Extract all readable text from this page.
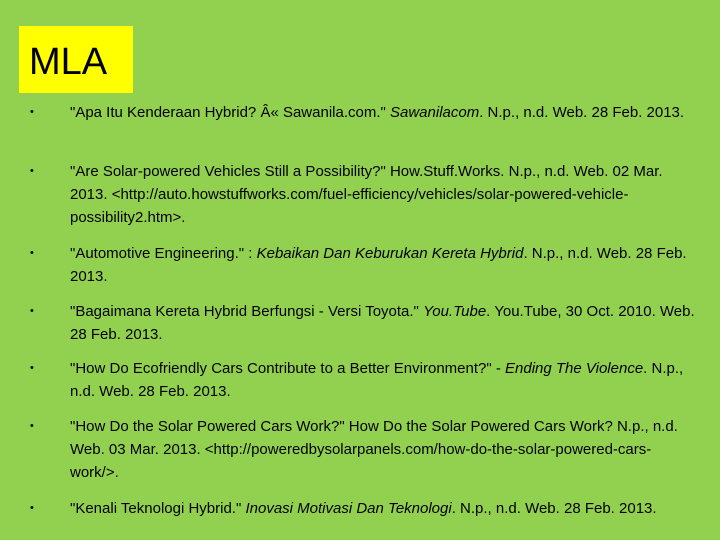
MLA
• "Apa Itu Kenderaan Hybrid? Â« Sawanila.com." Sawanilacom. N.p., n.d. Web. 28 Feb. 2013.
• "Are Solar-powered Vehicles Still a Possibility?" How.Stuff.Works. N.p., n.d. Web. 02 Mar. 2013. <http://auto.howstuffworks.com/fuel-efficiency/vehicles/solar-powered-vehicle-possibility2.htm>.
• "Automotive Engineering." : Kebaikan Dan Keburukan Kereta Hybrid. N.p., n.d. Web. 28 Feb. 2013.
• "Bagaimana Kereta Hybrid Berfungsi - Versi Toyota." You.Tube. You.Tube, 30 Oct. 2010. Web. 28 Feb. 2013.
• "How Do Ecofriendly Cars Contribute to a Better Environment?" - Ending The Violence. N.p., n.d. Web. 28 Feb. 2013.
• "How Do the Solar Powered Cars Work?" How Do the Solar Powered Cars Work? N.p., n.d. Web. 03 Mar. 2013. <http://poweredbysolarpanels.com/how-do-the-solar-powered-cars-work/>.
• "Kenali Teknologi Hybrid." Inovasi Motivasi Dan Teknologi. N.p., n.d. Web. 28 Feb. 2013.
